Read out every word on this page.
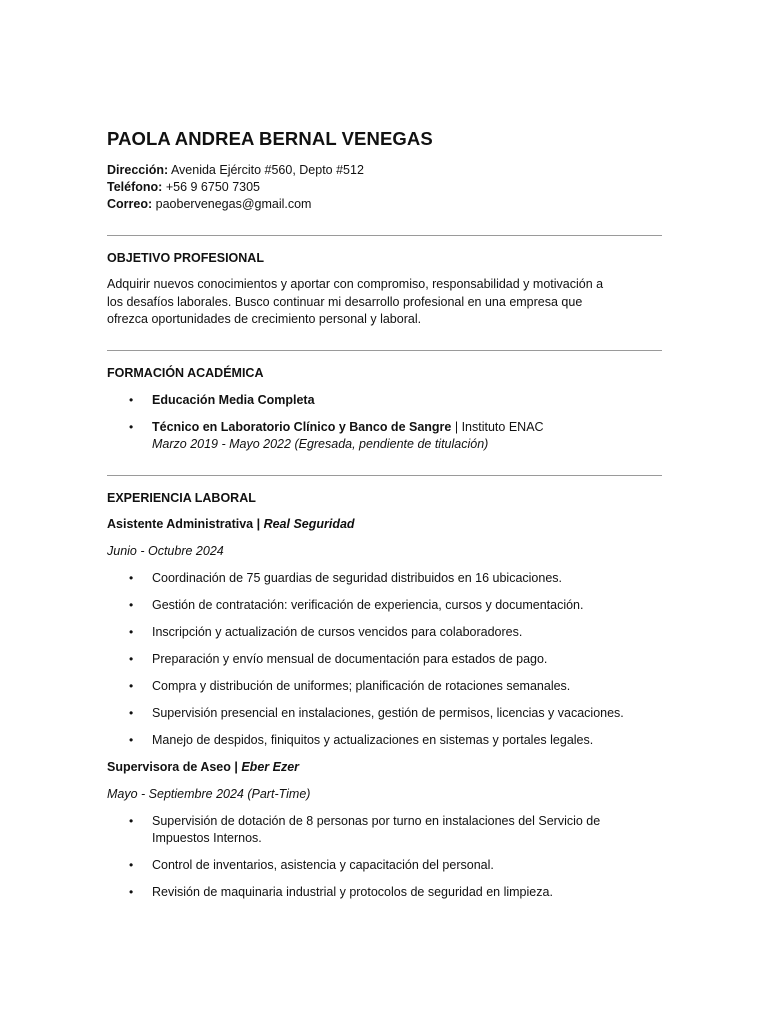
PAOLA ANDREA BERNAL VENEGAS
Dirección: Avenida Ejército #560, Depto #512
Teléfono: +56 9 6750 7305
Correo: paobervenegas@gmail.com
OBJETIVO PROFESIONAL
Adquirir nuevos conocimientos y aportar con compromiso, responsabilidad y motivación a
los desafíos laborales. Busco continuar mi desarrollo profesional en una empresa que
ofrezca oportunidades de crecimiento personal y laboral.
FORMACIÓN ACADÉMICA
• Educación Media Completa
• Técnico en Laboratorio Clínico y Banco de Sangre | Instituto ENAC
Marzo 2019 - Mayo 2022 (Egresada, pendiente de titulación)
EXPERIENCIA LABORAL
Asistente Administrativa | Real Seguridad
Junio - Octubre 2024
• Coordinación de 75 guardias de seguridad distribuidos en 16 ubicaciones.
• Gestión de contratación: verificación de experiencia, cursos y documentación.
• Inscripción y actualización de cursos vencidos para colaboradores.
• Preparación y envío mensual de documentación para estados de pago.
• Compra y distribución de uniformes; planificación de rotaciones semanales.
• Supervisión presencial en instalaciones, gestión de permisos, licencias y vacaciones.
• Manejo de despidos, finiquitos y actualizaciones en sistemas y portales legales.
Supervisora de Aseo | Eber Ezer
Mayo - Septiembre 2024 (Part-Time)
• Supervisión de dotación de 8 personas por turno en instalaciones del Servicio de
Impuestos Internos.
• Control de inventarios, asistencia y capacitación del personal.
• Revisión de maquinaria industrial y protocolos de seguridad en limpieza.
